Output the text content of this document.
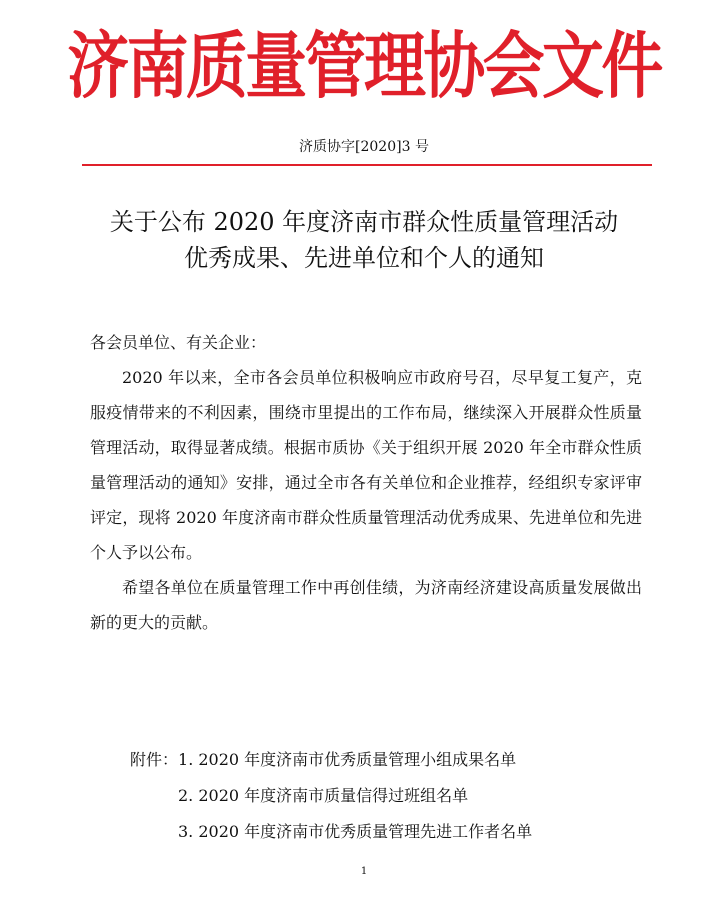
济南质量管理协会文件
济质协字[2020]3 号
关于公布 2020 年度济南市群众性质量管理活动
优秀成果、先进单位和个人的通知

各会员单位、有关企业：

2020 年以来，全市各会员单位积极响应市政府号召，尽早复工复产，克服疫情带来的不利因素，围绕市里提出的工作布局，继续深入开展群众性质量管理活动，取得显著成绩。根据市质协《关于组织开展 2020 年全市群众性质量管理活动的通知》安排，通过全市各有关单位和企业推荐，经组织专家评审评定，现将 2020 年度济南市群众性质量管理活动优秀成果、先进单位和先进个人予以公布。

希望各单位在质量管理工作中再创佳绩，为济南经济建设高质量发展做出新的更大的贡献。

附件：1. 2020 年度济南市优秀质量管理小组成果名单
2. 2020 年度济南市质量信得过班组名单
3. 2020 年度济南市优秀质量管理先进工作者名单
1
